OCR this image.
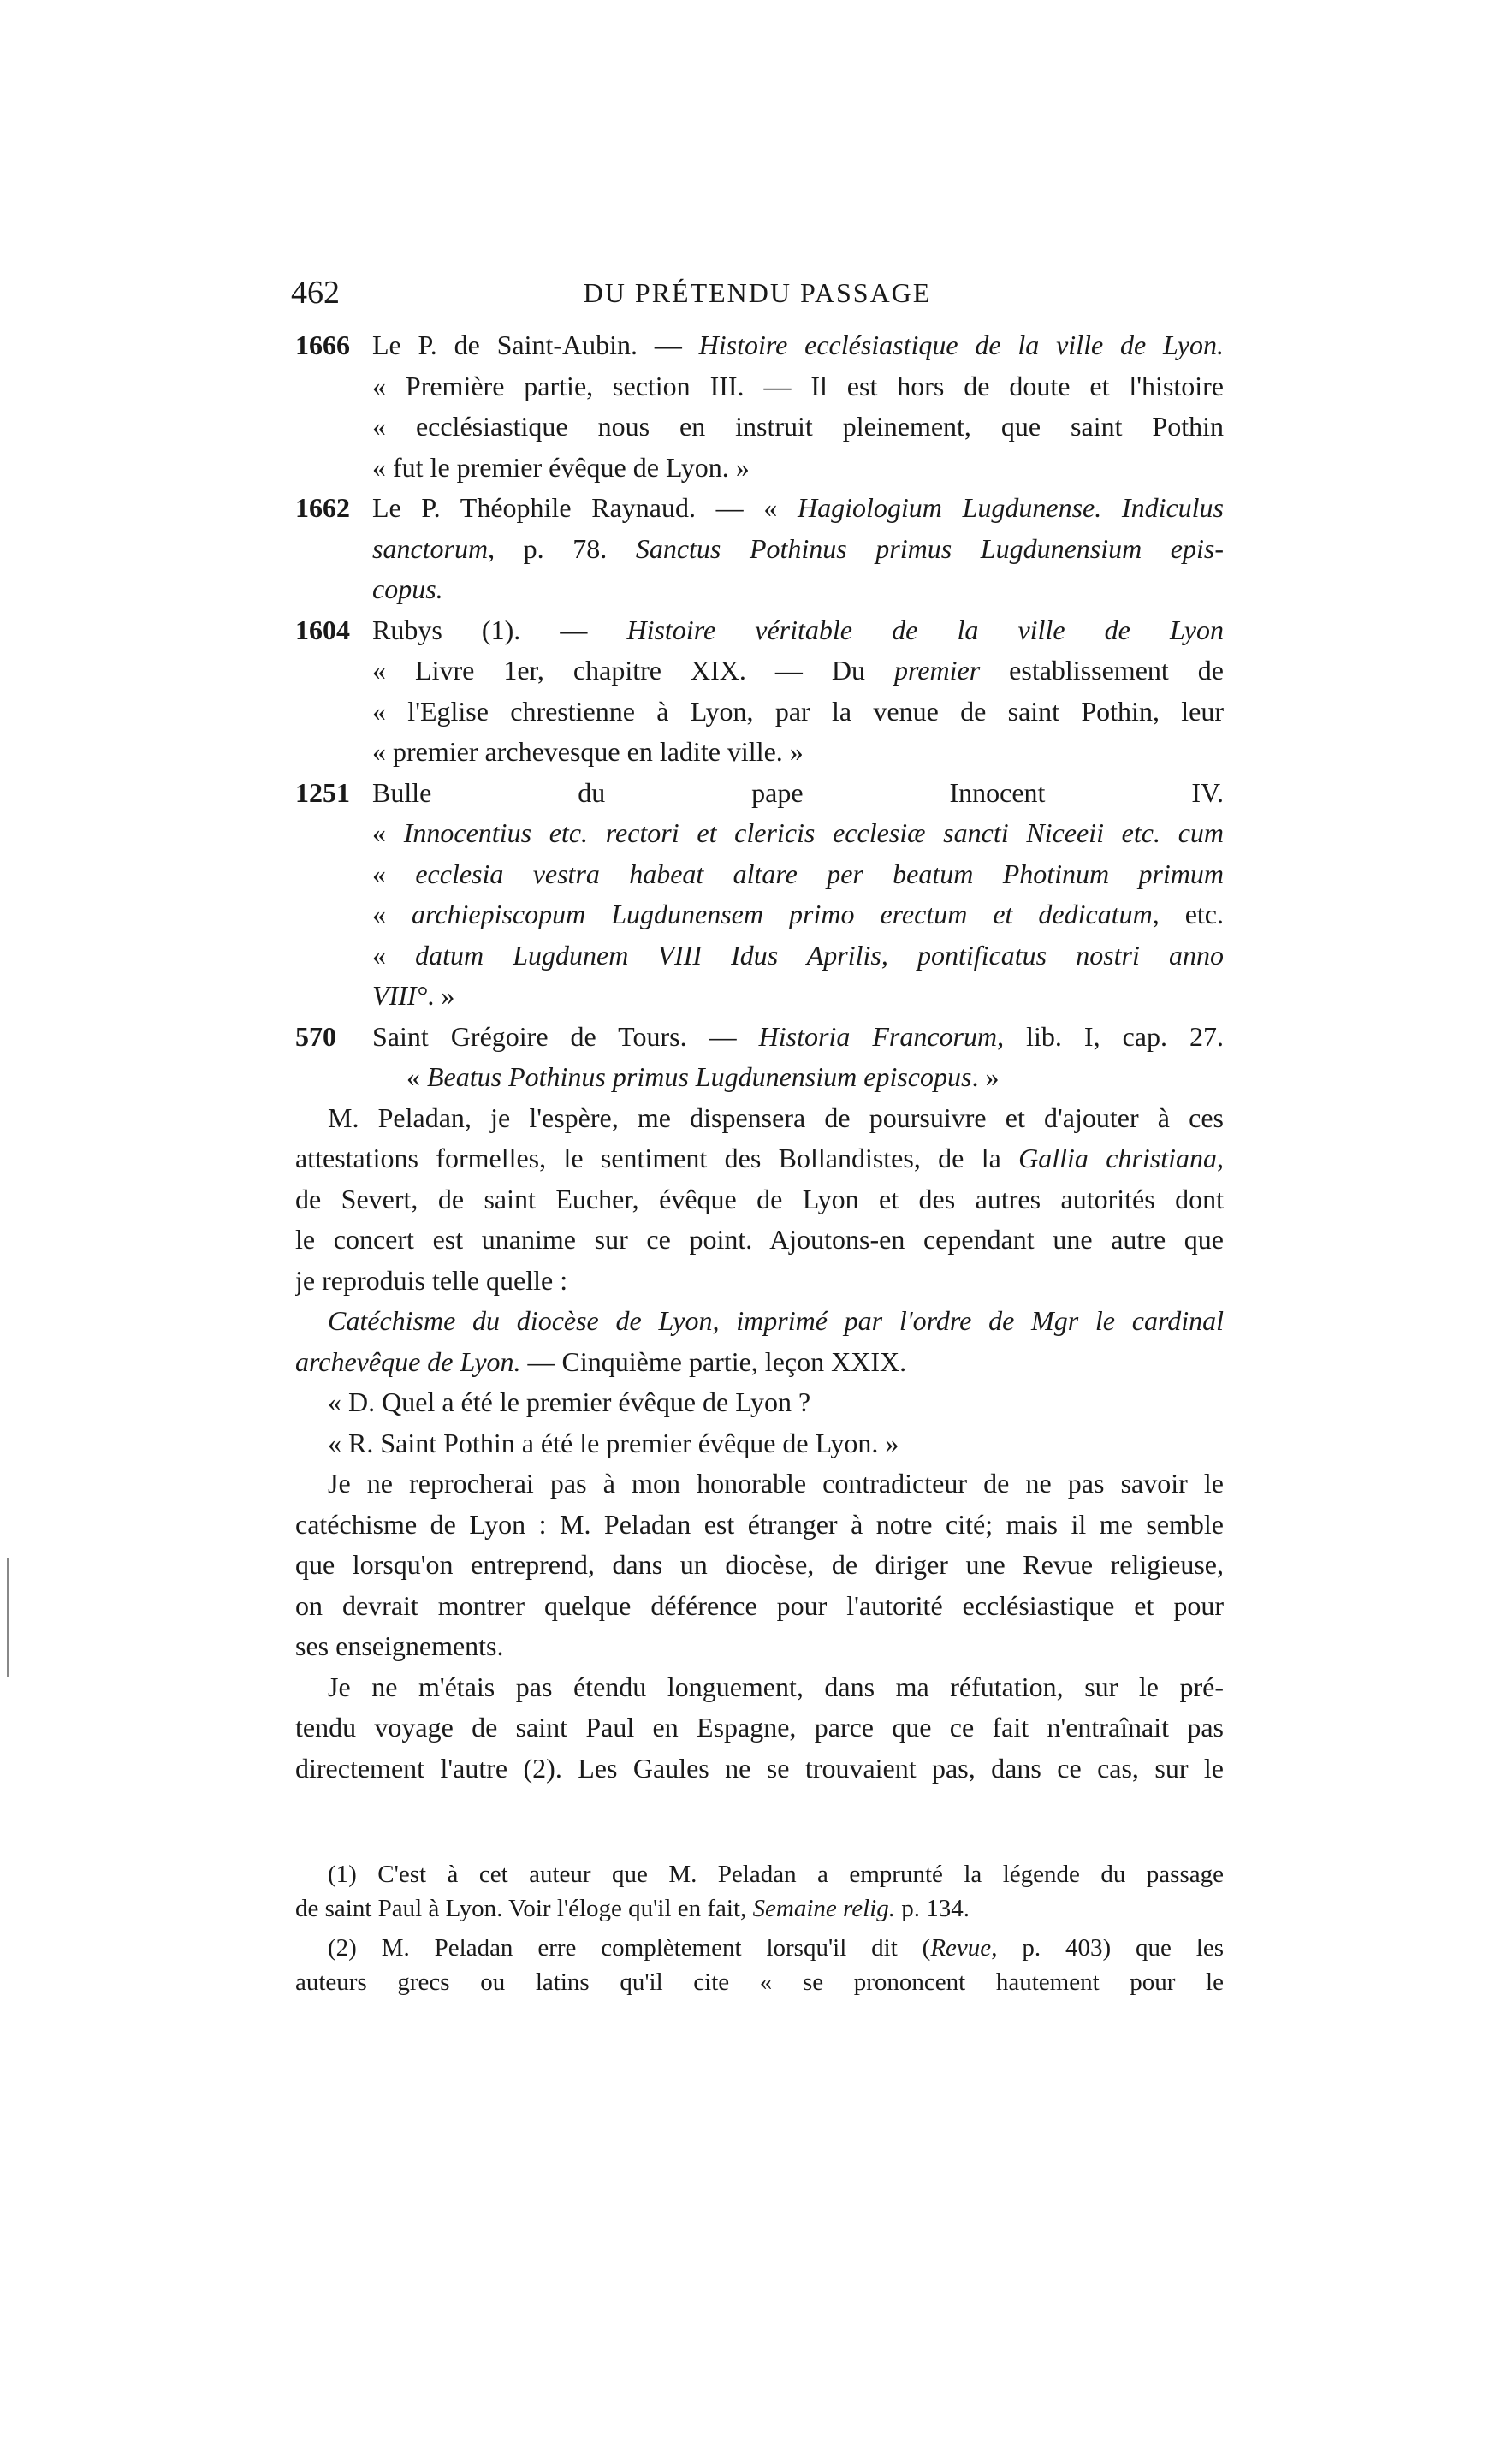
462	DU PRÉTENDU PASSAGE
1666 Le P. de Saint-Aubin. — Histoire ecclésiastique de la ville de Lyon.
« Première partie, section III. — Il est hors de doute et l'histoire
« ecclésiastique nous en instruit pleinement, que saint Pothin
« fut le premier évêque de Lyon. »
1662 Le P. Théophile Raynaud. — « Hagiologium Lugdunense. Indiculus
sanctorum, p. 78. Sanctus Pothinus primus Lugdunensium epis-
copus.
1604 Rubys (1). — Histoire véritable de la ville de Lyon
« Livre 1er, chapitre XIX. — Du premier establissement de
« l'Eglise chrestienne à Lyon, par la venue de saint Pothin, leur
« premier archevesque en ladite ville. »
1251 Bulle du pape Innocent IV.
« Innocentius etc. rectori et clericis ecclesiæ sancti Niceeii etc. cum
« ecclesia vestra habeat altare per beatum Photinum primum
« archiepiscopum Lugdunensem primo erectum et dedicatum, etc.
« datum Lugdunem VIII Idus Aprilis, pontificatus nostri anno
VIII°. »
570 Saint Grégoire de Tours. — Historia Francorum, lib. I, cap. 27.
« Beatus Pothinus primus Lugdunensium episcopus. »
M. Peladan, je l'espère, me dispensera de poursuivre et d'ajouter à ces
attestations formelles, le sentiment des Bollandistes, de la Gallia christiana,
de Severt, de saint Eucher, évêque de Lyon et des autres autorités dont
le concert est unanime sur ce point. Ajoutons-en cependant une autre que
je reproduis telle quelle :
Catéchisme du diocèse de Lyon, imprimé par l'ordre de Mgr le cardinal
archevêque de Lyon. — Cinquième partie, leçon XXIX.
« D. Quel a été le premier évêque de Lyon ?
« R. Saint Pothin a été le premier évêque de Lyon. »
Je ne reprocherai pas à mon honorable contradicteur de ne pas savoir le
catéchisme de Lyon : M. Peladan est étranger à notre cité; mais il me semble
que lorsqu'on entreprend, dans un diocèse, de diriger une Revue religieuse,
on devrait montrer quelque déférence pour l'autorité ecclésiastique et pour
ses enseignements.
Je ne m'étais pas étendu longuement, dans ma réfutation, sur le pré-
tendu voyage de saint Paul en Espagne, parce que ce fait n'entraînait pas
directement l'autre (2). Les Gaules ne se trouvaient pas, dans ce cas, sur le
(1) C'est à cet auteur que M. Peladan a emprunté la légende du passage
de saint Paul à Lyon. Voir l'éloge qu'il en fait, Semaine relig. p. 134.
(2) M. Peladan erre complètement lorsqu'il dit (Revue, p. 403) que les
auteurs grecs ou latins qu'il cite « se prononcent hautement pour le
